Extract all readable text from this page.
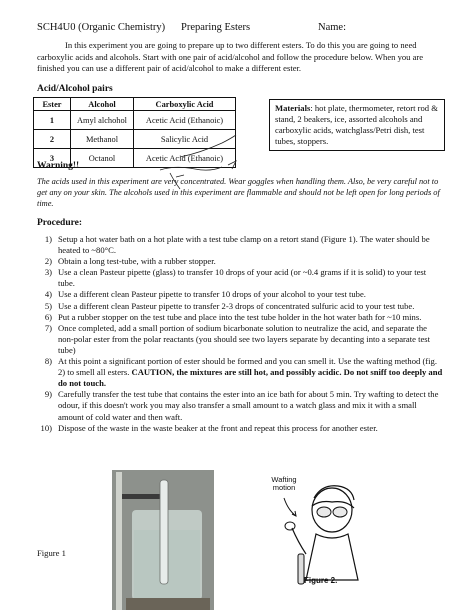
SCH4U0 (Organic Chemistry) Preparing Esters	Name:
In this experiment you are going to prepare up to two different esters. To do this you are going to need carboxylic acids and alcohols. Start with one pair of acid/alcohol and follow the procedure below. When you are finished you can use a different pair of acid/alcohol to make a different ester.
Acid/Alcohol pairs
Ester	Alcohol	Carboxylic Acid
1	Amyl alchohol	Acetic Acid (Ethanoic)
2	Methanol	Salicylic Acid
3	Octanol	Acetic Acid (Ethanoic)
Materials: hot plate, thermometer, retort rod & stand, 2 beakers, ice, assorted alcohols and carboxylic acids, watchglass/Petri dish, test tubes, stoppers.
Warning!!
The acids used in this experiment are very concentrated. Wear goggles when handling them. Also, be very careful not to get any on your skin. The alcohols used in this experiment are flammable and should not be left open for long periods of time.
Procedure:
1) Setup a hot water bath on a hot plate with a test tube clamp on a retort stand (Figure 1). The water should be heated to ~80°C.
2) Obtain a long test-tube, with a rubber stopper.
3) Use a clean Pasteur pipette (glass) to transfer 10 drops of your acid (or ~0.4 grams if it is solid) to your test tube.
4) Use a different clean Pasteur pipette to transfer 10 drops of your alcohol to your test tube.
5) Use a different clean Pasteur pipette to transfer 2-3 drops of concentrated sulfuric acid to your test tube.
6) Put a rubber stopper on the test tube and place into the test tube holder in the hot water bath for ~10 mins.
7) Once completed, add a small portion of sodium bicarbonate solution to neutralize the acid, and separate the non-polar ester from the polar reactants (you should see two layers separate by decanting into a separate test tube)
8) At this point a significant portion of ester should be formed and you can smell it. Use the wafting method (fig. 2) to smell all esters. CAUTION, the mixtures are still hot, and possibly acidic. Do not sniff too deeply and do not touch.
9) Carefully transfer the test tube that contains the ester into an ice bath for about 5 min. Try wafting to detect the odour, if this doesn't work you may also transfer a small amount to a watch glass and mix it with a small amount of cold water and then waft.
10) Dispose of the waste in the waste beaker at the front and repeat this process for another ester.
Figure 1
Wafting motion
Figure 2.
